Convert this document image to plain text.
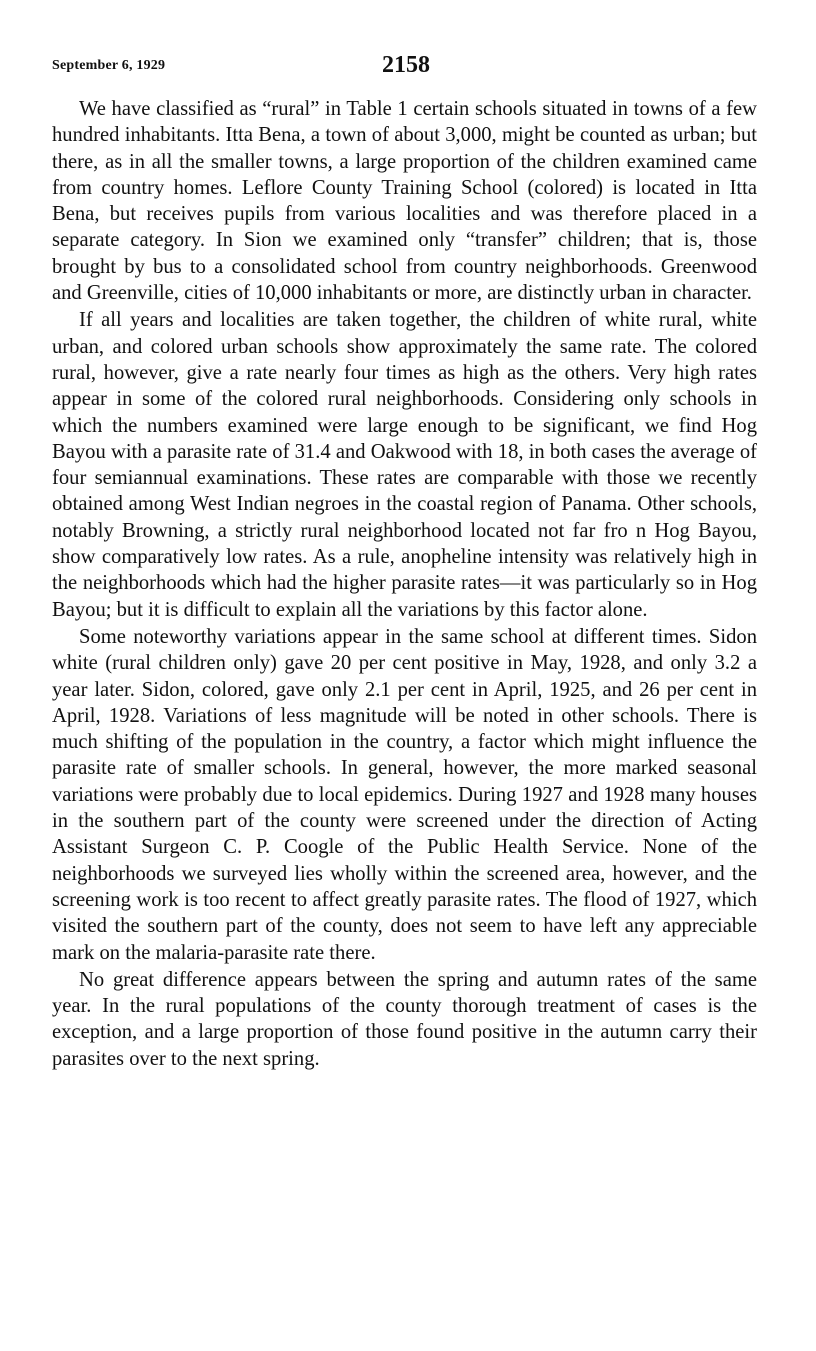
September 6, 1929	2158

We have classified as “rural” in Table 1 certain schools situated in towns of a few hundred inhabitants. Itta Bena, a town of about 3,000, might be counted as urban; but there, as in all the smaller towns, a large proportion of the children examined came from country homes. Leflore County Training School (colored) is located in Itta Bena, but receives pupils from various localities and was therefore placed in a separate category. In Sion we examined only “transfer” children; that is, those brought by bus to a consolidated school from country neighborhoods. Greenwood and Greenville, cities of 10,000 inhabitants or more, are distinctly urban in character.

If all years and localities are taken together, the children of white rural, white urban, and colored urban schools show approximately the same rate. The colored rural, however, give a rate nearly four times as high as the others. Very high rates appear in some of the colored rural neighborhoods. Considering only schools in which the numbers examined were large enough to be significant, we find Hog Bayou with a parasite rate of 31.4 and Oakwood with 18, in both cases the average of four semiannual examinations. These rates are comparable with those we recently obtained among West Indian negroes in the coastal region of Panama. Other schools, notably Browning, a strictly rural neighborhood located not far fro n Hog Bayou, show comparatively low rates. As a rule, anopheline intensity was relatively high in the neighborhoods which had the higher parasite rates—it was particularly so in Hog Bayou; but it is difficult to explain all the variations by this factor alone.

Some noteworthy variations appear in the same school at different times. Sidon white (rural children only) gave 20 per cent positive in May, 1928, and only 3.2 a year later. Sidon, colored, gave only 2.1 per cent in April, 1925, and 26 per cent in April, 1928. Variations of less magnitude will be noted in other schools. There is much shifting of the population in the country, a factor which might influence the parasite rate of smaller schools. In general, however, the more marked seasonal variations were probably due to local epidemics. During 1927 and 1928 many houses in the southern part of the county were screened under the direction of Acting Assistant Surgeon C. P. Coogle of the Public Health Service. None of the neighborhoods we surveyed lies wholly within the screened area, however, and the screening work is too recent to affect greatly parasite rates. The flood of 1927, which visited the southern part of the county, does not seem to have left any appreciable mark on the malaria-parasite rate there.

No great difference appears between the spring and autumn rates of the same year. In the rural populations of the county thorough treatment of cases is the exception, and a large proportion of those found positive in the autumn carry their parasites over to the next spring.
